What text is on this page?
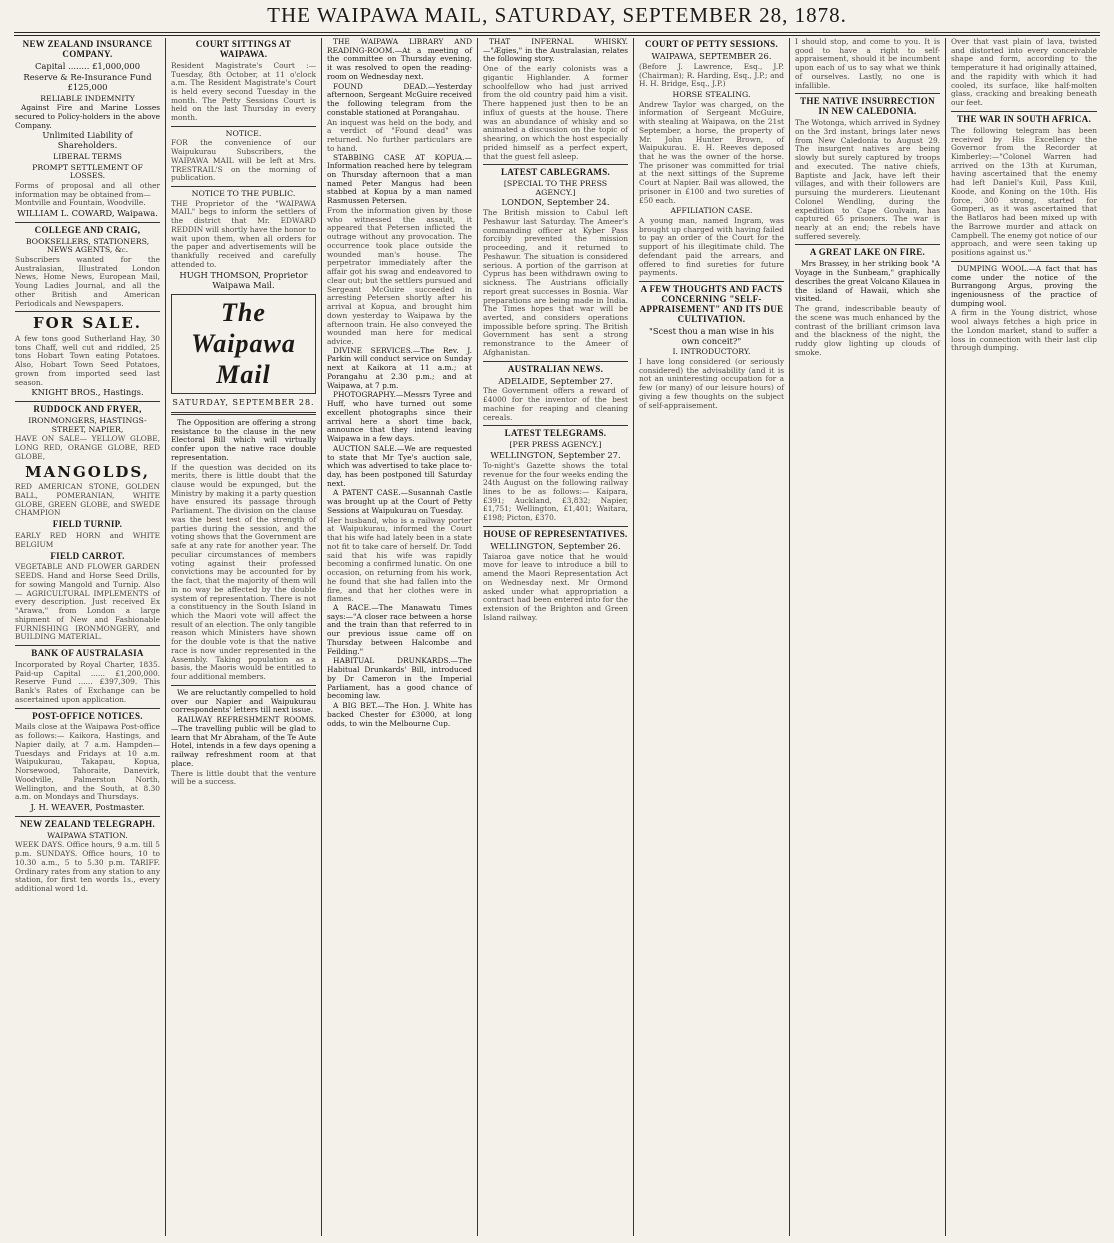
THE WAIPAWA MAIL, SATURDAY, SEPTEMBER 28, 1878.
NEW ZEALAND INSURANCE COMPANY.
Capital ........ £1,000,000
Reserve & Re-Insurance Fund £125,000
RELIABLE INDEMNITY

Against Fire and Marine Losses secured to Policy-holders in the above Company.

Unlimited Liability of Shareholders.
LIBERAL TERMS
PROMPT SETTLEMENT OF LOSSES.
Forms of proposal and all other information may be obtained from—
Montville and Fountain, Woodville.
WILLIAM L. COWARD, Waipawa.
COLLEGE AND CRAIG,
BOOKSELLERS, STATIONERS, NEWS AGENTS, &c.
Subscribers wanted for the Australasian, Illustrated London News, Home News, European Mail, Young Ladies Journal, and all the other British and American Periodicals and Newspapers.
FOR SALE.
A few tons good Sutherland Hay, 30 tons Chaff, well cut and riddled, 25 tons Hobart Town eating Potatoes. Also, Hobart Town Seed Potatoes, grown from imported seed last season.
KNIGHT BROS., Hastings.
RUDDOCK AND FRYER,
IRONMONGERS, HASTINGS-STREET, NAPIER,
HAVE ON SALE— YELLOW GLOBE, LONG RED, ORANGE GLOBE, RED GLOBE,
MANGOLDS,
RED AMERICAN STONE, GOLDEN BALL, POMERANIAN, WHITE GLOBE, GREEN GLOBE, and SWEDE CHAMPION
FIELD TURNIP.
EARLY RED HORN and WHITE BELGIUM
FIELD CARROT.
VEGETABLE AND FLOWER GARDEN SEEDS. Hand and Horse Seed Drills, for sowing Mangold and Turnip. Also— AGRICULTURAL IMPLEMENTS of every description. Just received Ex "Arawa," from London a large shipment of New and Fashionable FURNISHING IRONMONGERY, and BUILDING MATERIAL.
BANK OF AUSTRALASIA
Incorporated by Royal Charter, 1835. Paid-up Capital ...... £1,200,000. Reserve Fund ...... £397,309. This Bank's Rates of Exchange can be ascertained upon application.
POST-OFFICE NOTICES.
Mails close at the Waipawa Post-office as follows:— Kaikora, Hastings, and Napier daily, at 7 a.m. Hampden—Tuesdays and Fridays at 10 a.m. Waipukurau, Takapau, Kopua, Norsewood, Tahoraite, Danevirk, Woodville, Palmerston North, Wellington, and the South, at 8.30 a.m. on Mondays and Thursdays.
J. H. WEAVER, Postmaster.
NEW ZEALAND TELEGRAPH.
WAIPAWA STATION.
WEEK DAYS. Office hours, 9 a.m. till 5 p.m. SUNDAYS. Office hours, 10 to 10.30 a.m., 5 to 5.30 p.m. TARIFF. Ordinary rates from any station to any station, for first ten words 1s., every additional word 1d.
COURT SITTINGS AT WAIPAWA.
Resident Magistrate's Court :—Tuesday, 8th October, at 11 o'clock a.m. The Resident Magistrate's Court is held every second Tuesday in the month. The Petty Sessions Court is held on the last Thursday in every month.
NOTICE.
FOR the convenience of our Waipukurau Subscribers, the WAIPAWA MAIL will be left at Mrs. TRESTRAIL'S on the morning of publication.
NOTICE TO THE PUBLIC.
THE Proprietor of the "WAIPAWA MAIL" begs to inform the settlers of the district that Mr. EDWARD REDDIN will shortly have the honor to wait upon them, when all orders for the paper and advertisements will be thankfully received and carefully attended to.
HUGH THOMSON, Proprietor Waipawa Mail.
The Waipawa Mail
SATURDAY, SEPTEMBER 28.

The Opposition are offering a strong resistance to the clause in the new Electoral Bill which will virtually confer upon the native race double representation.

If the question was decided on its merits, there is little doubt that the clause would be expunged, but the Ministry by making it a party question have ensured its passage through Parliament. The division on the clause was the best test of the strength of parties during the session, and the voting shows that the Government are safe at any rate for another year. The peculiar circumstances of members voting against their professed convictions may be accounted for by the fact, that the majority of them will in no way be affected by the double system of representation. There is not a constituency in the South Island in which the Maori vote will affect the result of an election. The only tangible reason which Ministers have shown for the double vote is that the native race is now under represented in the Assembly. Taking population as a basis, the Maoris would be entitled to four additional members.

We are reluctantly compelled to hold over our Napier and Waipukurau correspondents' letters till next issue.

RAILWAY REFRESHMENT ROOMS.—The travelling public will be glad to learn that Mr Abraham, of the Te Aute Hotel, intends in a few days opening a railway refreshment room at that place.

There is little doubt that the venture will be a success.

THE WAIPAWA LIBRARY AND READING-ROOM.—At a meeting of the committee on Thursday evening, it was resolved to open the reading-room on Wednesday next.

FOUND DEAD.—Yesterday afternoon, Sergeant McGuire received the following telegram from the constable stationed at Porangahau.

An inquest was held on the body, and a verdict of "Found dead" was returned. No further particulars are to hand.

STABBING CASE AT KOPUA.—Information reached here by telegram on Thursday afternoon that a man named Peter Mangus had been stabbed at Kopua by a man named Rasmussen Petersen.

From the information given by those who witnessed the assault, it appeared that Petersen inflicted the outrage without any provocation. The occurrence took place outside the wounded man's house. The perpetrator immediately after the affair got his swag and endeavored to clear out; but the settlers pursued and Sergeant McGuire succeeded in arresting Petersen shortly after his arrival at Kopua, and brought him down yesterday to Waipawa by the afternoon train. He also conveyed the wounded man here for medical advice.

DIVINE SERVICES.—The Rev. J. Parkin will conduct service on Sunday next at Kaikora at 11 a.m.; at Porangahu at 2.30 p.m.; and at Waipawa, at 7 p.m.

PHOTOGRAPHY.—Messrs Tyree and Huff, who have turned out some excellent photographs since their arrival here a short time back, announce that they intend leaving Waipawa in a few days.

AUCTION SALE.—We are requested to state that Mr Tye's auction sale, which was advertised to take place to-day, has been postponed till Saturday next.

A PATENT CASE.—Susannah Castle was brought up at the Court of Petty Sessions at Waipukurau on Tuesday.

Her husband, who is a railway porter at Waipukurau, informed the Court that his wife had lately been in a state not fit to take care of herself. Dr. Todd said that his wife was rapidly becoming a confirmed lunatic. On one occasion, on returning from his work, he found that she had fallen into the fire, and that her clothes were in flames.

A RACE.—The Manawatu Times says:—"A closer race between a horse and the train than that referred to in our previous issue came off on Thursday between Halcombe and Feilding."

HABITUAL DRUNKARDS.—The Habitual Drunkards' Bill, introduced by Dr Cameron in the Imperial Parliament, has a good chance of becoming law.

A BIG BET.—The Hon. J. White has backed Chester for £3000, at long odds, to win the Melbourne Cup.

THAT INFERNAL WHISKY.—"Ægies," in the Australasian, relates the following story.

One of the early colonists was a gigantic Highlander. A former schoolfellow who had just arrived from the old country paid him a visit. There happened just then to be an influx of guests at the house. There was an abundance of whisky and so animated a discussion on the topic of shearing, on which the host especially prided himself as a perfect expert, that the guest fell asleep.
LATEST CABLEGRAMS.
[SPECIAL TO THE PRESS AGENCY.]
LONDON, September 24.
The British mission to Cabul left Peshawur last Saturday. The Ameer's commanding officer at Kyber Pass forcibly prevented the mission proceeding, and it returned to Peshawur. The situation is considered serious. A portion of the garrison at Cyprus has been withdrawn owing to sickness. The Austrians officially report great successes in Bosnia. War preparations are being made in India. The Times hopes that war will be averted, and considers operations impossible before spring. The British Government has sent a strong remonstrance to the Ameer of Afghanistan.
AUSTRALIAN NEWS.
ADELAIDE, September 27.
The Government offers a reward of £4000 for the inventor of the best machine for reaping and cleaning cereals.
LATEST TELEGRAMS.
[PER PRESS AGENCY.]
WELLINGTON, September 27.
To-night's Gazette shows the total revenue for the four weeks ending the 24th August on the following railway lines to be as follows:— Kaipara, £391; Auckland, £3,832; Napier, £1,751; Wellington, £1,401; Waitara, £198; Picton, £370.
HOUSE OF REPRESENTATIVES.
WELLINGTON, September 26.
Taiaroa gave notice that he would move for leave to introduce a bill to amend the Maori Representation Act on Wednesday next. Mr Ormond asked under what appropriation a contract had been entered into for the extension of the Brighton and Green Island railway.
COURT OF PETTY SESSIONS.
WAIPAWA, SEPTEMBER 26.
(Before J. Lawrence, Esq., J.P. (Chairman); R. Harding, Esq., J.P.; and H. H. Bridge, Esq., J.P.)
HORSE STEALING.
Andrew Taylor was charged, on the information of Sergeant McGuire, with stealing at Waipawa, on the 21st September, a horse, the property of Mr. John Hunter Brown, of Waipukurau. E. H. Reeves deposed that he was the owner of the horse. The prisoner was committed for trial at the next sittings of the Supreme Court at Napier. Bail was allowed, the prisoner in £100 and two sureties of £50 each.
AFFILIATION CASE.
A young man, named Ingram, was brought up charged with having failed to pay an order of the Court for the support of his illegitimate child. The defendant paid the arrears, and offered to find sureties for future payments.
A FEW THOUGHTS AND FACTS CONCERNING "SELF-APPRAISEMENT" AND ITS DUE CULTIVATION.
"Scest thou a man wise in his own conceit?"
I. INTRODUCTORY.
I have long considered (or seriously considered) the advisability (and it is not an uninteresting occupation for a few (or many) of our leisure hours) of giving a few thoughts on the subject of self-appraisement.
I should stop, and come to you. It is good to have a right to self-appraisement, should it be incumbent upon each of us to say what we think of ourselves. Lastly, no one is infallible.
THE NATIVE INSURRECTION IN NEW CALEDONIA.
The Wotonga, which arrived in Sydney on the 3rd instant, brings later news from New Caledonia to August 29. The insurgent natives are being slowly but surely captured by troops and executed. The native chiefs, Baptiste and Jack, have left their villages, and with their followers are pursuing the murderers. Lieutenant Colonel Wendling, during the expedition to Cape Goulvain, has captured 65 prisoners. The war is nearly at an end; the rebels have suffered severely.
A GREAT LAKE ON FIRE.

Mrs Brassey, in her striking book "A Voyage in the Sunbeam," graphically describes the great Volcano Kilauea in the island of Hawaii, which she visited.

The grand, indescribable beauty of the scene was much enhanced by the contrast of the brilliant crimson lava and the blackness of the night, the ruddy glow lighting up clouds of smoke.
Over that vast plain of lava, twisted and distorted into every conceivable shape and form, according to the temperature it had originally attained, and the rapidity with which it had cooled, its surface, like half-molten glass, cracking and breaking beneath our feet.
THE WAR IN SOUTH AFRICA.
The following telegram has been received by His Excellency the Governor from the Recorder at Kimberley:—"Colonel Warren had arrived on the 13th at Kuruman, having ascertained that the enemy had left Daniel's Kuil, Pass Kuil, Koode, and Koning on the 10th. His force, 300 strong, started for Gomperi, as it was ascertained that the Batlaros had been mixed up with the Barrowe murder and attack on Campbell. The enemy got notice of our approach, and were seen taking up positions against us."

DUMPING WOOL.—A fact that has come under the notice of the Burrangong Argus, proving the ingeniousness of the practice of dumping wool.

A firm in the Young district, whose wool always fetches a high price in the London market, stand to suffer a loss in connection with their last clip through dumping.
